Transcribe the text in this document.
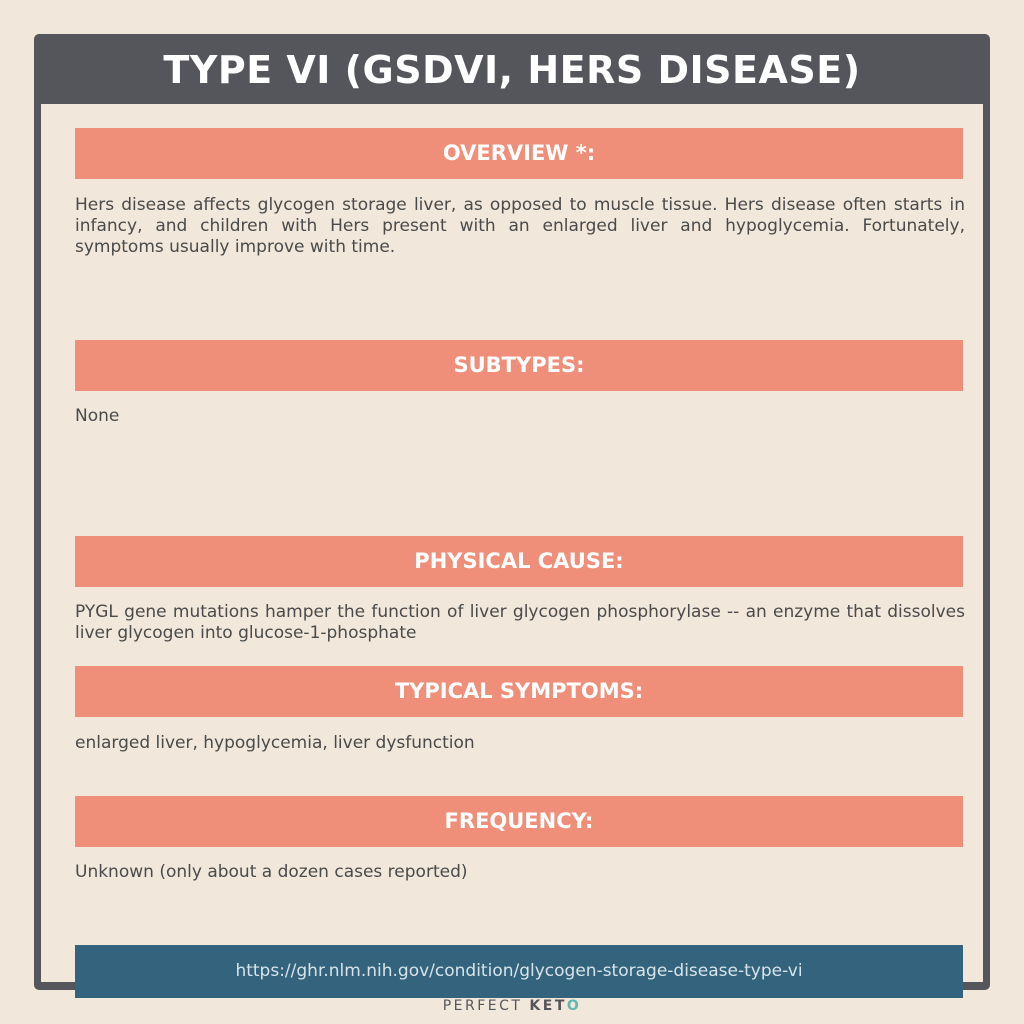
TYPE VI (GSDVI, HERS DISEASE)
OVERVIEW *:
Hers disease affects glycogen storage liver, as opposed to muscle tissue. Hers disease often starts in infancy, and children with Hers present with an enlarged liver and hypoglycemia. Fortunately, symptoms usually improve with time.
SUBTYPES:
None
PHYSICAL CAUSE:
PYGL gene mutations hamper the function of liver glycogen phosphorylase -- an enzyme that dissolves liver glycogen into glucose-1-phosphate
TYPICAL SYMPTOMS:
enlarged liver, hypoglycemia, liver dysfunction
FREQUENCY:
Unknown (only about a dozen cases reported)
https://ghr.nlm.nih.gov/condition/glycogen-storage-disease-type-vi
PERFECT KETO
